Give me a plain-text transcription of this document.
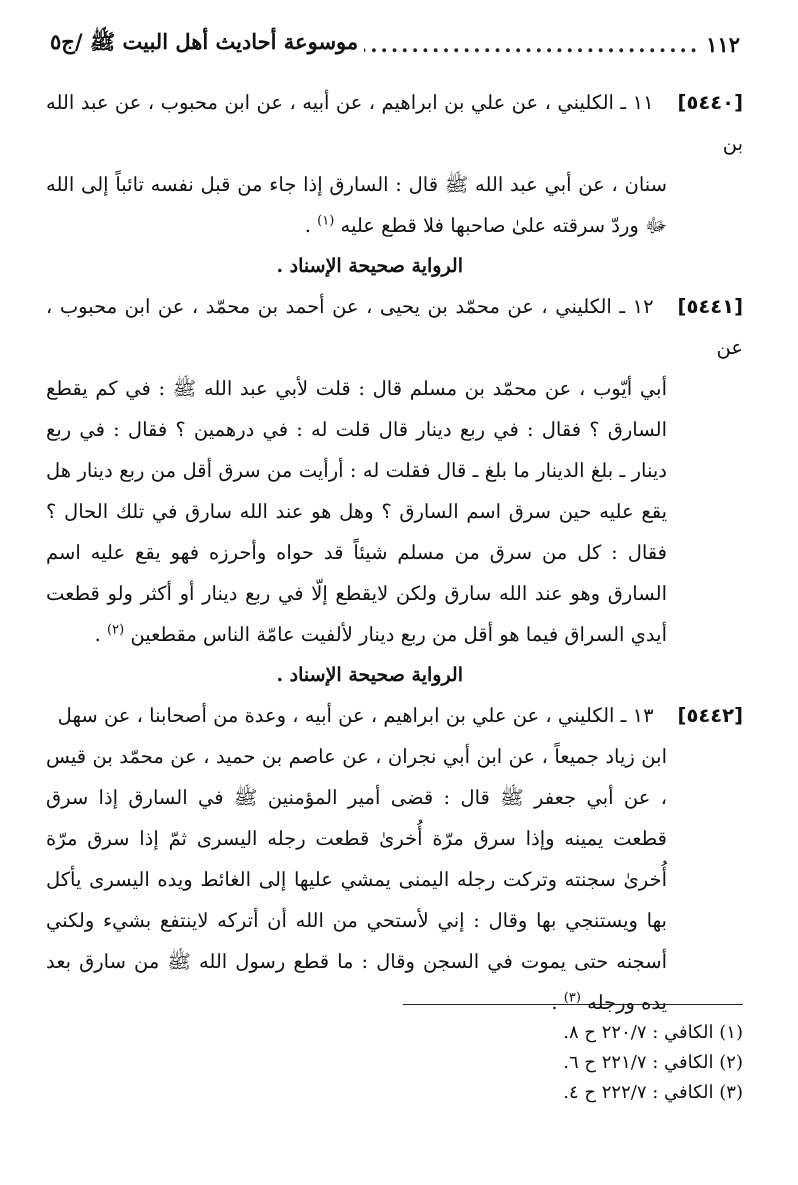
١١٢
.....
موسوعة أحاديث أهل البيت ﷺ /ج٥
[٥٤٤٠]١١ ـ الكليني ، عن علي بن ابراهيم ، عن أبيه ، عن ابن محبوب ، عن عبد الله بن
سنان ، عن أبي عبد الله ﷺ قال : السارق إذا جاء من قبل نفسه تائباً إلى الله ﷻ وردّ سرقته علىٰ صاحبها فلا قطع عليه $^{(١)}$ .

الرواية صحيحة الإسناد .

[٥٤٤١]١٢ ـ الكليني ، عن محمّد بن يحيى ، عن أحمد بن محمّد ، عن ابن محبوب ، عن
أبي أيّوب ، عن محمّد بن مسلم قال : قلت لأبي عبد الله ﷺ : في كم يقطع السارق ؟ فقال : في ربع دينار قال قلت له : في درهمين ؟ فقال : في ربع دينار ـ بلغ الدينار ما بلغ ـ قال فقلت له : أرأيت من سرق أقل من ربع دينار هل يقع عليه حين سرق اسم السارق ؟ وهل هو عند الله سارق في تلك الحال ؟ فقال : كل من سرق من مسلم شيئاً قد حواه وأحرزه فهو يقع عليه اسم السارق وهو عند الله سارق ولكن لايقطع إلّا في ربع دينار أو أكثر ولو قطعت أيدي السراق فيما هو أقل من ربع دينار لألفيت عامّة الناس مقطعين $^{(٢)}$ .

الرواية صحيحة الإسناد .

[٥٤٤٢]١٣ ـ الكليني ، عن علي بن ابراهيم ، عن أبيه ، وعدة من أصحابنا ، عن سهل
ابن زياد جميعاً ، عن ابن أبي نجران ، عن عاصم بن حميد ، عن محمّد بن قيس ، عن أبي جعفر ﷺ قال : قضى أمير المؤمنين ﷺ في السارق إذا سرق قطعت يمينه وإذا سرق مرّة أُخرىٰ قطعت رجله اليسرى ثمّ إذا سرق مرّة أُخرىٰ سجنته وتركت رجله اليمنى يمشي عليها إلى الغائط ويده اليسرى يأكل بها ويستنجي بها وقال : إني لأستحي من الله أن أتركه لاينتفع بشيء ولكني أسجنه حتى يموت في السجن وقال : ما قطع رسول الله ﷺ من سارق بعد يده ورجله $^{(٣)}$ .
(١) الكافي : ٢٢٠/٧ ح ٨.
(٢) الكافي : ٢٢١/٧ ح ٦.
(٣) الكافي : ٢٢٢/٧ ح ٤.
